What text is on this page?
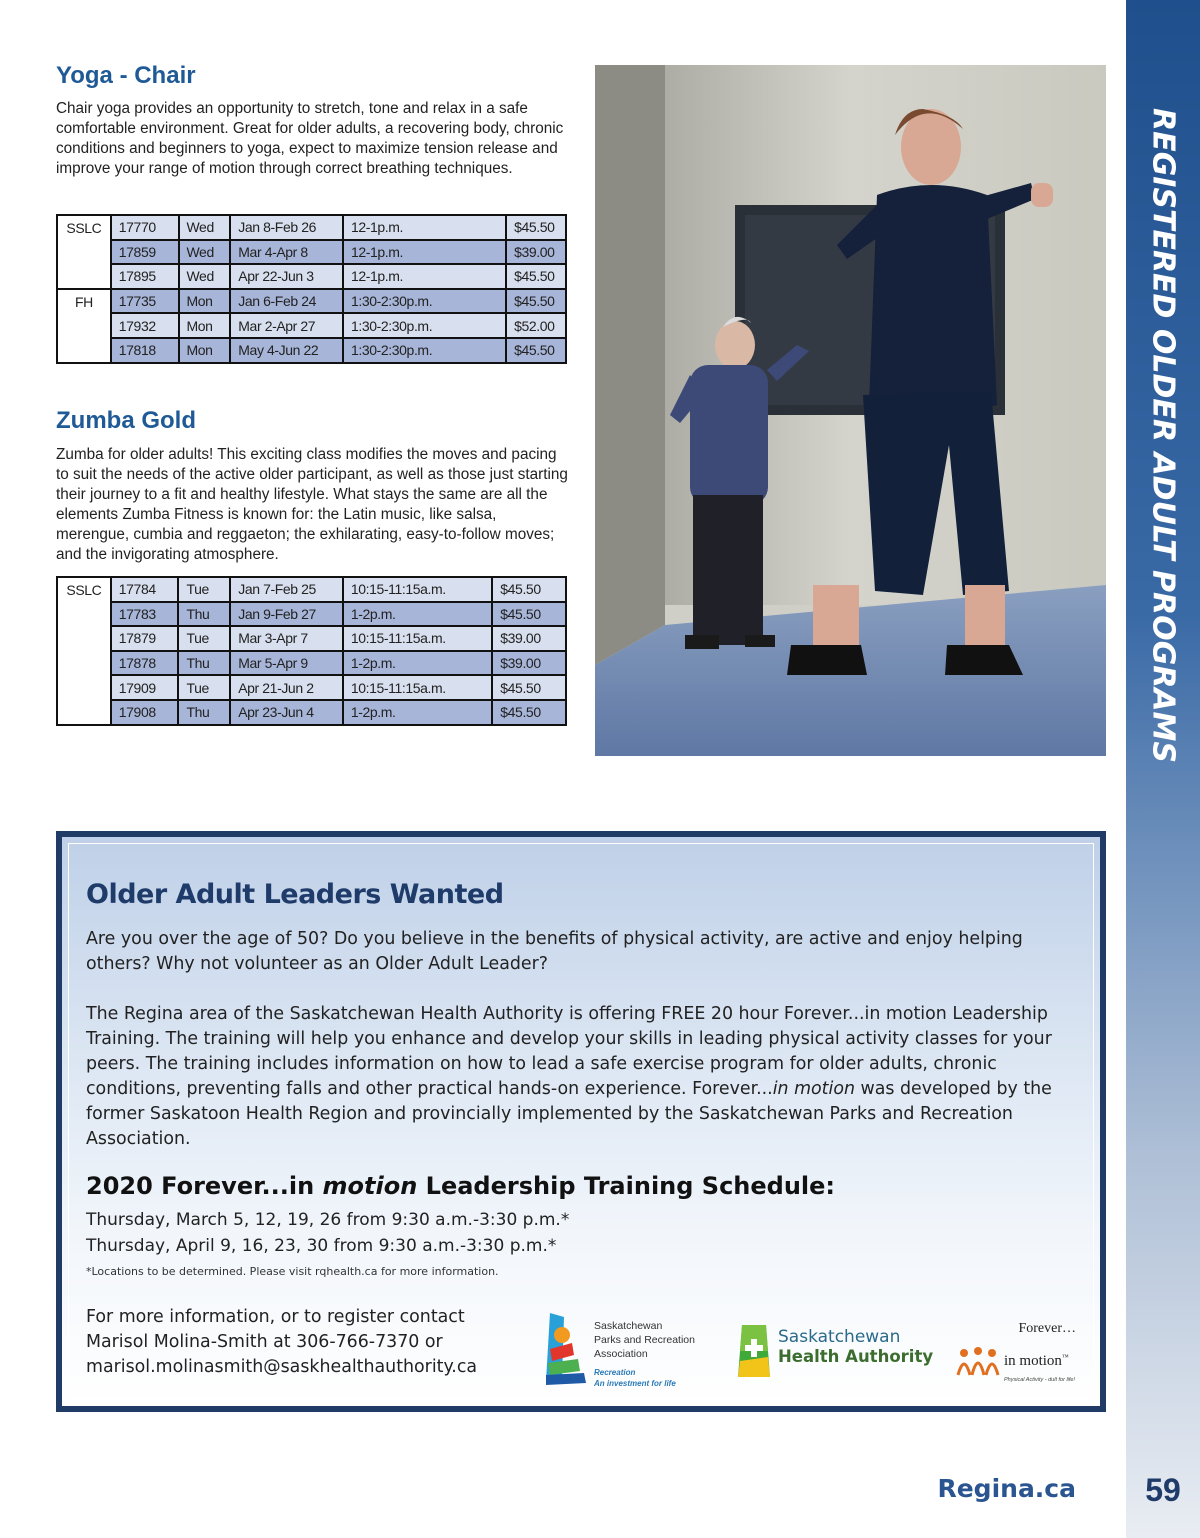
REGISTERED OLDER ADULT PROGRAMS
Regina.ca	59
Yoga - Chair

Chair yoga provides an opportunity to stretch, tone and relax in a safe comfortable environment. Great for older adults, a recovering body, chronic conditions and beginners to yoga, expect to maximize tension release and improve your range of motion through correct breathing techniques.

SSLC	17770	Wed	Jan 8-Feb 26	12-1p.m.	$45.50
	17859	Wed	Mar 4-Apr 8	12-1p.m.	$39.00
	17895	Wed	Apr 22-Jun 3	12-1p.m.	$45.50
FH	17735	Mon	Jan 6-Feb 24	1:30-2:30p.m.	$45.50
	17932	Mon	Mar 2-Apr 27	1:30-2:30p.m.	$52.00
	17818	Mon	May 4-Jun 22	1:30-2:30p.m.	$45.50
Zumba Gold

Zumba for older adults! This exciting class modifies the moves and pacing to suit the needs of the active older participant, as well as those just starting their journey to a fit and healthy lifestyle. What stays the same are all the elements Zumba Fitness is known for: the Latin music, like salsa, merengue, cumbia and reggaeton; the exhilarating, easy-to-follow moves; and the invigorating atmosphere.

SSLC	17784	Tue	Jan 7-Feb 25	10:15-11:15a.m.	$45.50
	17783	Thu	Jan 9-Feb 27	1-2p.m.	$45.50
	17879	Tue	Mar 3-Apr 7	10:15-11:15a.m.	$39.00
	17878	Thu	Mar 5-Apr 9	1-2p.m.	$39.00
	17909	Tue	Apr 21-Jun 2	10:15-11:15a.m.	$45.50
	17908	Thu	Apr 23-Jun 4	1-2p.m.	$45.50
Older Adult Leaders Wanted

Are you over the age of 50? Do you believe in the benefits of physical activity, are active and enjoy helping others? Why not volunteer as an Older Adult Leader?

The Regina area of the Saskatchewan Health Authority is offering FREE 20 hour Forever...in motion Leadership Training. The training will help you enhance and develop your skills in leading physical activity classes for your peers. The training includes information on how to lead a safe exercise program for older adults, chronic conditions, preventing falls and other practical hands-on experience. Forever...in motion was developed by the former Saskatoon Health Region and provincially implemented by the Saskatchewan Parks and Recreation Association.

2020 Forever...in motion Leadership Training Schedule:
Thursday, March 5, 12, 19, 26 from 9:30 a.m.-3:30 p.m.*
Thursday, April 9, 16, 23, 30 from 9:30 a.m.-3:30 p.m.*
*Locations to be determined. Please visit rqhealth.ca for more information.
For more information, or to register contact
Marisol Molina-Smith at 306-766-7370 or
marisol.molinasmith@saskhealthauthority.ca
Saskatchewan
Parks and Recreation
Association
Recreation
An investment for life
Saskatchewan
Health Authority
Forever…
in motion™
Physical Activity - dult for life!
